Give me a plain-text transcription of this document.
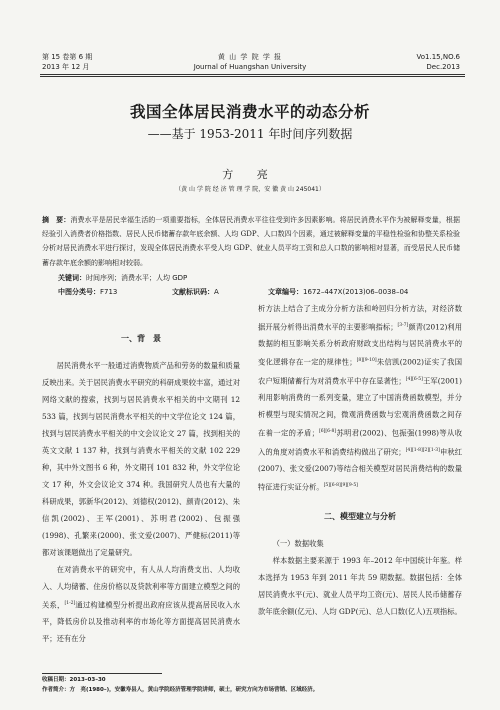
第 15 卷第 6 期
2013 年 12 月
黄 山 学 院 学 报
Journal of Huangshan University
Vo1.15,NO.6
Dec.2013
我国全体居民消费水平的动态分析
——基于 1953-2011 年时间序列数据
方 亮
（黄 山 学 院 经 济 管 理 学 院，安 徽 黄 山 245041）
摘　要：消费水平是居民幸福生活的一项重要指标，全体居民消费水平往往受到许多因素影响。将居民消费水平作为被解释变量，根据经验引入消费者价格指数、居民人民币储蓄存款年底余额、人均 GDP、人口数四个因素，通过被解释变量的平稳性检验和协整关系检验分析对居民消费水平进行探讨，发现全体居民消费水平受人均 GDP、就业人员平均工资和总人口数的影响相对显著，而受居民人民币储蓄存款年底余额的影响相对较弱。
关键词：时间序列；消费水平；人均 GDP
中图分类号：F713	文献标识码：A	文章编号：1672–447X(2013)06–0038–04
一、背　景

居民消费水平一般通过消费物质产品和劳务的数量和质量反映出来。关于居民消费水平研究的科研成果较丰富，通过对网络文献的搜索，找到与居民消费水平相关的中文期刊 12 533 篇，找到与居民消费水平相关的中文学位论文 124 篇，找到与居民消费水平相关的中文会议论文 27 篇，找到相关的英文文献 1 137 种，找到与消费水平相关的文献 102 229 种，其中外文图书 6 种，外文期刊 101 832 种，外文学位论文 17 种，外文会议论文 374 种。我国研究人员也有大量的科研成果，郭新华(2012)、刘德权(2012)、颜青(2012)、朱信凯(2002)、王军(2001)、苏明君(2002)、包振强(1998)、孔繁来(2000)、张文爱(2007)、严健标(2011)等都对该课题做出了定量研究。

在对消费水平的研究中，有人从人均消费支出、人均收入、人均储蓄、住房价格以及贷款利率等方面建立模型之间的关系，[1-2]通过构建模型分析提出政府应该从提高居民收入水平，降低房价以及推动利率的市场化等方面提高居民消费水平；还有在分

收稿日期：2013–03–30
作者简介：方　亮(1980–)，安徽寿县人，黄山学院经济管理学院讲师，硕士，研究方向为市场营销、区域经济。

析方法上结合了主成分分析方法和岭回归分析方法，对经济数据开展分析得出消费水平的主要影响指标；[3-7]颜青(2012)利用数据的相互影响关系分析政府财政支出结构与居民消费水平的变化逻辑存在一定的规律性；[8][9-10]朱信凯(2002)证实了我国农户短期储蓄行为对消费水平中存在显著性；[4][6-5]王军(2001)利用影响消费的一系列变量，建立了中国消费函数模型，并分析模型与现实情况之间，微观消费函数与宏观消费函数之间存在着一定的矛盾；[6][6-8]苏明君(2002)、包振强(1998)等从收入的角度对消费水平和消费结构做出了研究；[4][1-8][2][1-3]申秋红(2007)、张文爱(2007)等结合相关模型对居民消费结构的数量特征进行实证分析。[5][6-8][9][9-5]

二、模型建立与分析
（一）数据收集

样本数据主要来源于 1993 年–2012 年中国统计年鉴。样本选择为 1953 年到 2011 年共 59 期数据。数据包括：全体居民消费水平(元)、就业人员平均工资(元)、居民人民币储蓄存款年底余额(亿元)、人均 GDP(元)、总人口数(亿人)五项指标。
